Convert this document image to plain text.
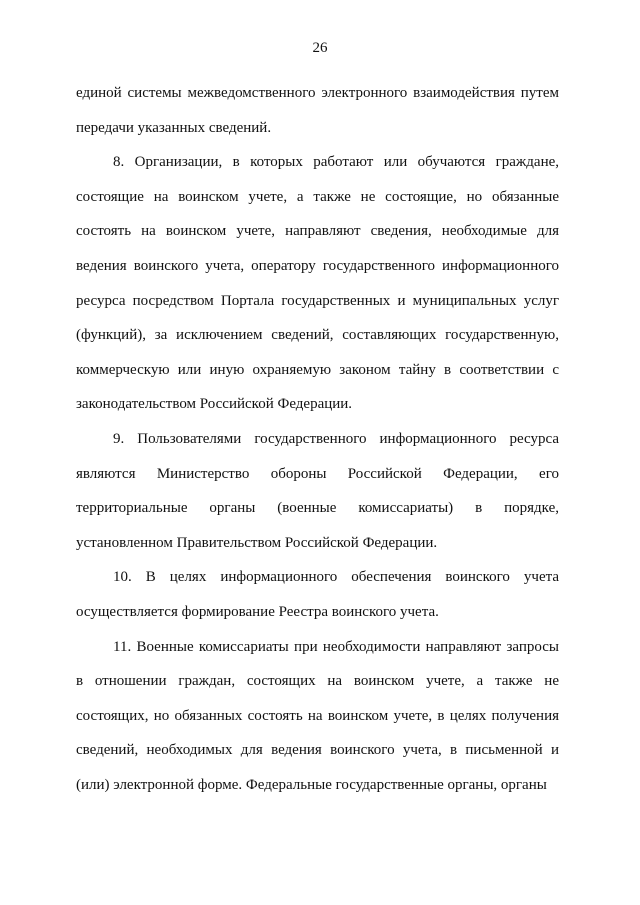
26

единой системы межведомственного электронного взаимодействия путем передачи указанных сведений.

8. Организации, в которых работают или обучаются граждане, состоящие на воинском учете, а также не состоящие, но обязанные состоять на воинском учете, направляют сведения, необходимые для ведения воинского учета, оператору государственного информационного ресурса посредством Портала государственных и муниципальных услуг (функций), за исключением сведений, составляющих государственную, коммерческую или иную охраняемую законом тайну в соответствии с законодательством Российской Федерации.

9. Пользователями государственного информационного ресурса являются Министерство обороны Российской Федерации, его территориальные органы (военные комиссариаты) в порядке, установленном Правительством Российской Федерации.

10. В целях информационного обеспечения воинского учета осуществляется формирование Реестра воинского учета.

11. Военные комиссариаты при необходимости направляют запросы в отношении граждан, состоящих на воинском учете, а также не состоящих, но обязанных состоять на воинском учете, в целях получения сведений, необходимых для ведения воинского учета, в письменной и (или) электронной форме. Федеральные государственные органы, органы
